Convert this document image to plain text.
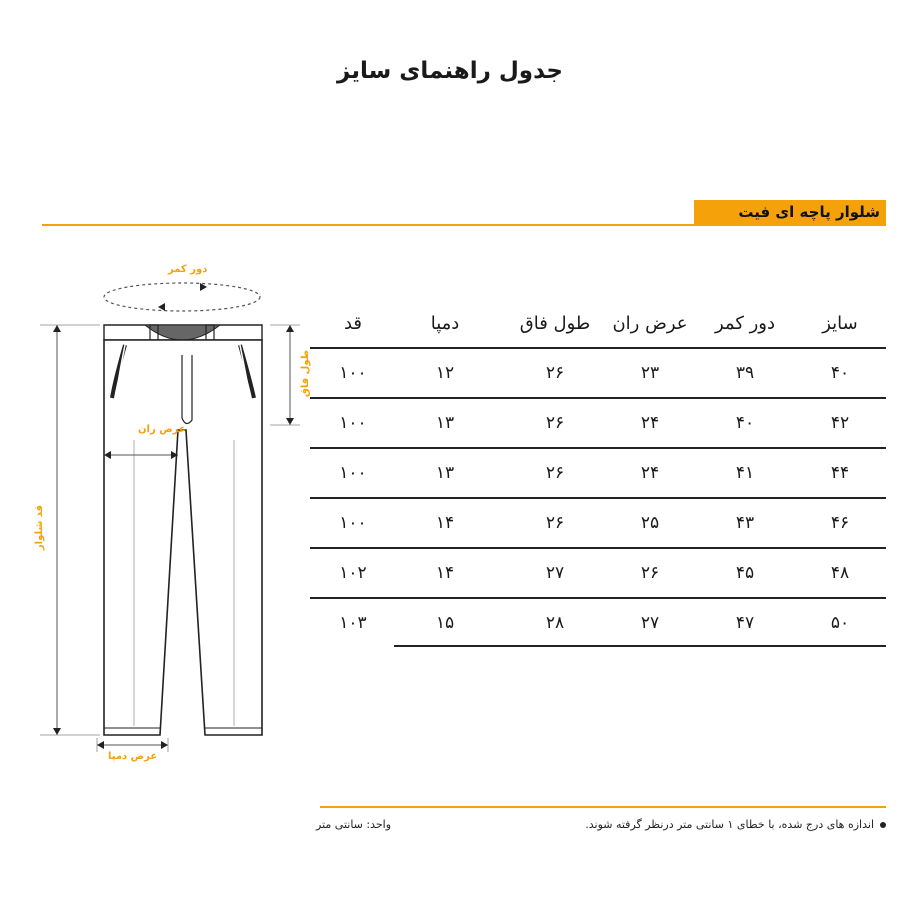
جدول راهنمای سایز
شلوار پاچه ای فیت
دور کمر
عرض ران
عرض دمپا
طول فاق
قد شلوار
سایز
دور کمر
عرض ران
طول فاق
دمپا
قد
۴۰
۳۹
۲۳
۲۶
۱۲
۱۰۰
۴۲
۴۰
۲۴
۲۶
۱۳
۱۰۰
۴۴
۴۱
۲۴
۲۶
۱۳
۱۰۰
۴۶
۴۳
۲۵
۲۶
۱۴
۱۰۰
۴۸
۴۵
۲۶
۲۷
۱۴
۱۰۲
۵۰
۴۷
۲۷
۲۸
۱۵
۱۰۳
اندازه های درج شده، با خطای ۱ سانتی متر درنظر گرفته شوند.
واحد: سانتی متر
